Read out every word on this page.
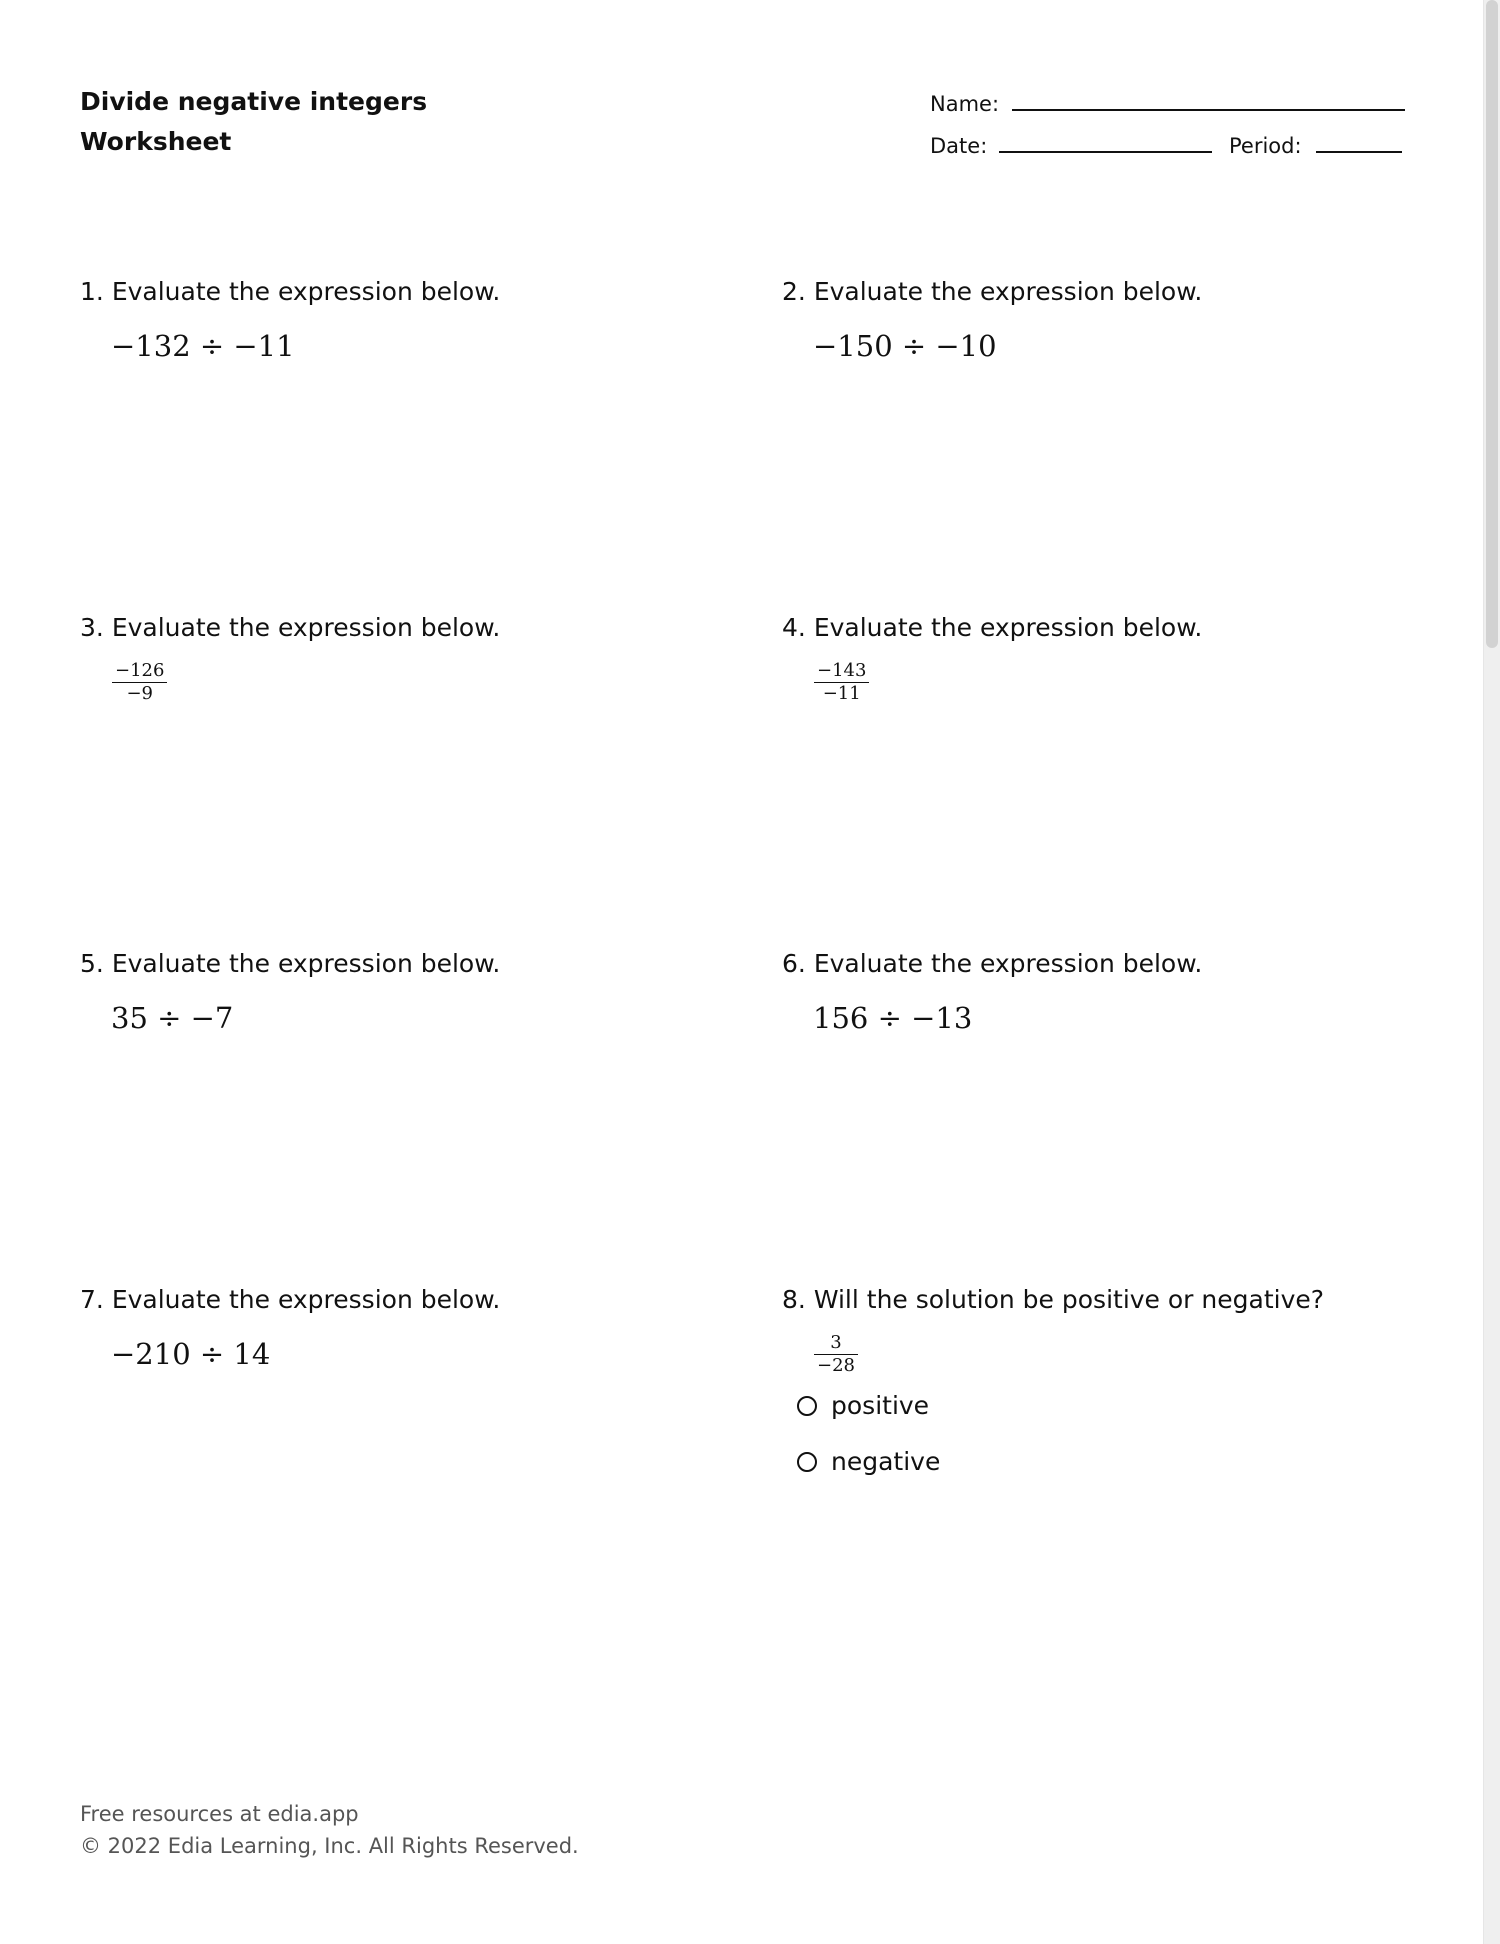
Divide negative integers
Worksheet
Name:
Date:	Period:
1. Evaluate the expression below.
−132 ÷ −11
2. Evaluate the expression below.
−150 ÷ −10
3. Evaluate the expression below.
$\frac{-126}{-9}$
4. Evaluate the expression below.
$\frac{-143}{-11}$
5. Evaluate the expression below.
35 ÷ −7
6. Evaluate the expression below.
156 ÷ −13
7. Evaluate the expression below.
−210 ÷ 14
8. Will the solution be positive or negative?
$\frac{3}{-28}$
positive
negative
Free resources at edia.app
© 2022 Edia Learning, Inc. All Rights Reserved.
